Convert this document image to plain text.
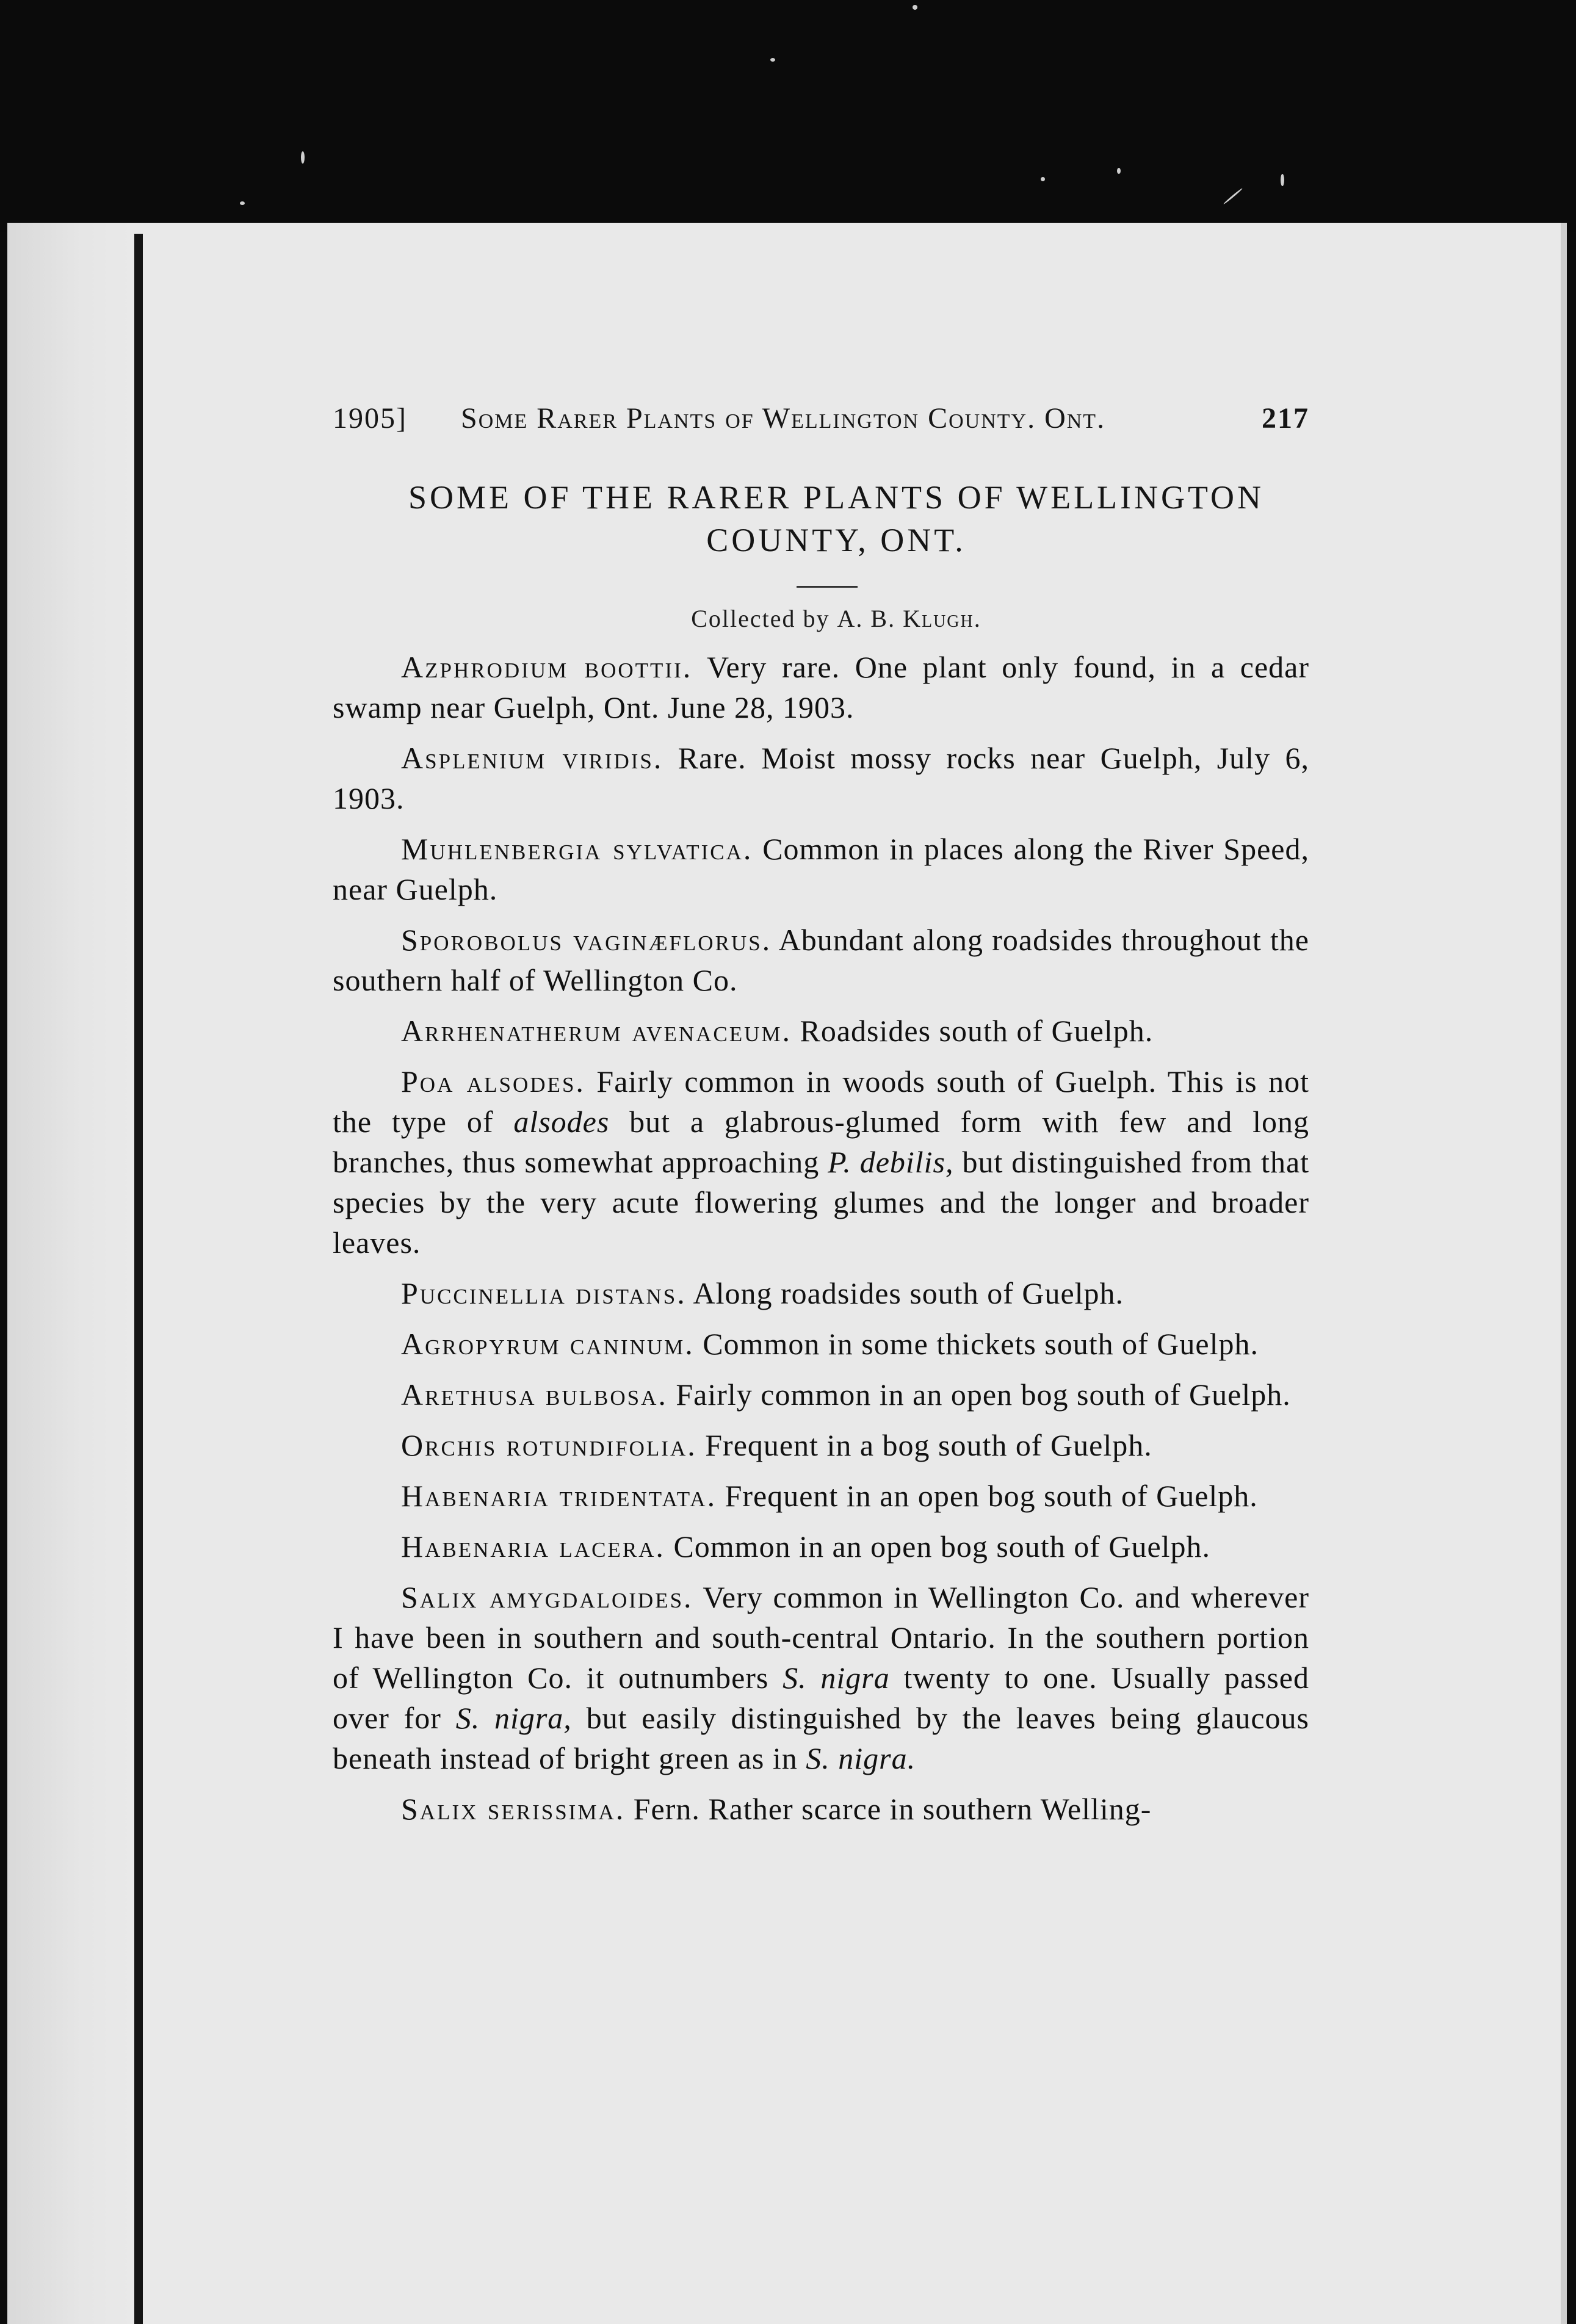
1905] Some Rarer Plants of Wellington County. Ont.	217
SOME OF THE RARER PLANTS OF WELLINGTON
COUNTY, ONT.
Collected by A. B. Klugh.

Azphrodium boottii. Very rare. One plant only found, in a cedar swamp near Guelph, Ont. June 28, 1903.

Asplenium viridis. Rare. Moist mossy rocks near Guelph, July 6, 1903.

Muhlenbergia sylvatica. Common in places along the River Speed, near Guelph.

Sporobolus vaginæflorus. Abundant along roadsides throughout the southern half of Wellington Co.

Arrhenatherum avenaceum. Roadsides south of Guelph.

Poa alsodes. Fairly common in woods south of Guelph. This is not the type of alsodes but a glabrous-glumed form with few and long branches, thus somewhat approaching P. debilis, but distinguished from that species by the very acute flowering glumes and the longer and broader leaves.

Puccinellia distans. Along roadsides south of Guelph.

Agropyrum caninum. Common in some thickets south of Guelph.

Arethusa bulbosa. Fairly common in an open bog south of Guelph.

Orchis rotundifolia. Frequent in a bog south of Guelph.

Habenaria tridentata. Frequent in an open bog south of Guelph.

Habenaria lacera. Common in an open bog south of Guelph.

Salix amygdaloides. Very common in Wellington Co. and wherever I have been in southern and south-central Ontario. In the southern portion of Wellington Co. it outnumbers S. nigra twenty to one. Usually passed over for S. nigra, but easily distinguished by the leaves being glaucous beneath instead of bright green as in S. nigra.

Salix serissima. Fern. Rather scarce in southern Welling-
